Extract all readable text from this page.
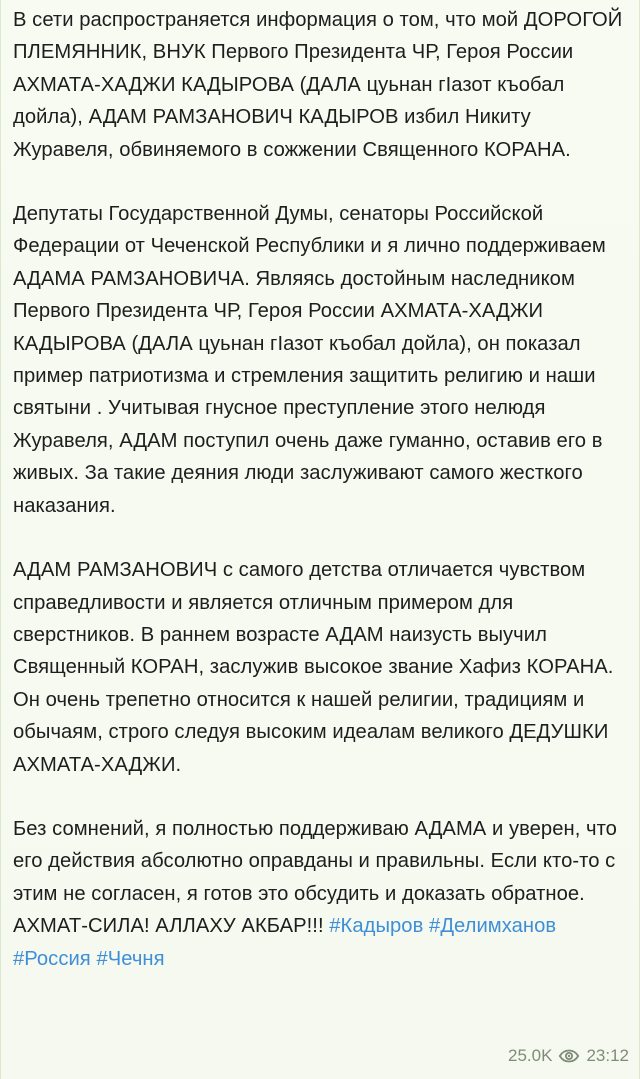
В сети распространяется информация о том, что мой ДОРОГОЙ ПЛЕМЯННИК, ВНУК Первого Президента ЧР, Героя России АХМАТА-ХАДЖИ КАДЫРОВА (ДАЛА цуьнан гIазот къобал дойла), АДАМ РАМЗАНОВИЧ КАДЫРОВ избил Никиту Журавеля, обвиняемого в сожжении Священного КОРАНА.

Депутаты Государственной Думы, сенаторы Российской Федерации от Чеченской Республики и я лично поддерживаем АДАМА РАМЗАНОВИЧА. Являясь достойным наследником Первого Президента ЧР, Героя России АХМАТА-ХАДЖИ КАДЫРОВА (ДАЛА цуьнан гIазот къобал дойла), он показал пример патриотизма и стремления защитить религию и наши святыни . Учитывая гнусное преступление этого нелюдя Журавеля, АДАМ поступил очень даже гуманно, оставив его в живых. За такие деяния люди заслуживают самого жесткого наказания.

АДАМ РАМЗАНОВИЧ с самого детства отличается чувством справедливости и является отличным примером для сверстников. В раннем возрасте АДАМ наизусть выучил Священный КОРАН, заслужив высокое звание Хафиз КОРАНА. Он очень трепетно относится к нашей религии, традициям и обычаям, строго следуя высоким идеалам великого ДЕДУШКИ АХМАТА-ХАДЖИ.

Без сомнений, я полностью поддерживаю АДАМА и уверен, что его действия абсолютно оправданы и правильны. Если кто-то с этим не согласен, я готов это обсудить и доказать обратное. АХМАТ-СИЛА! АЛЛАХУ АКБАР!!! #Кадыров #Делимханов #Россия #Чечня

25.0K 23:12
